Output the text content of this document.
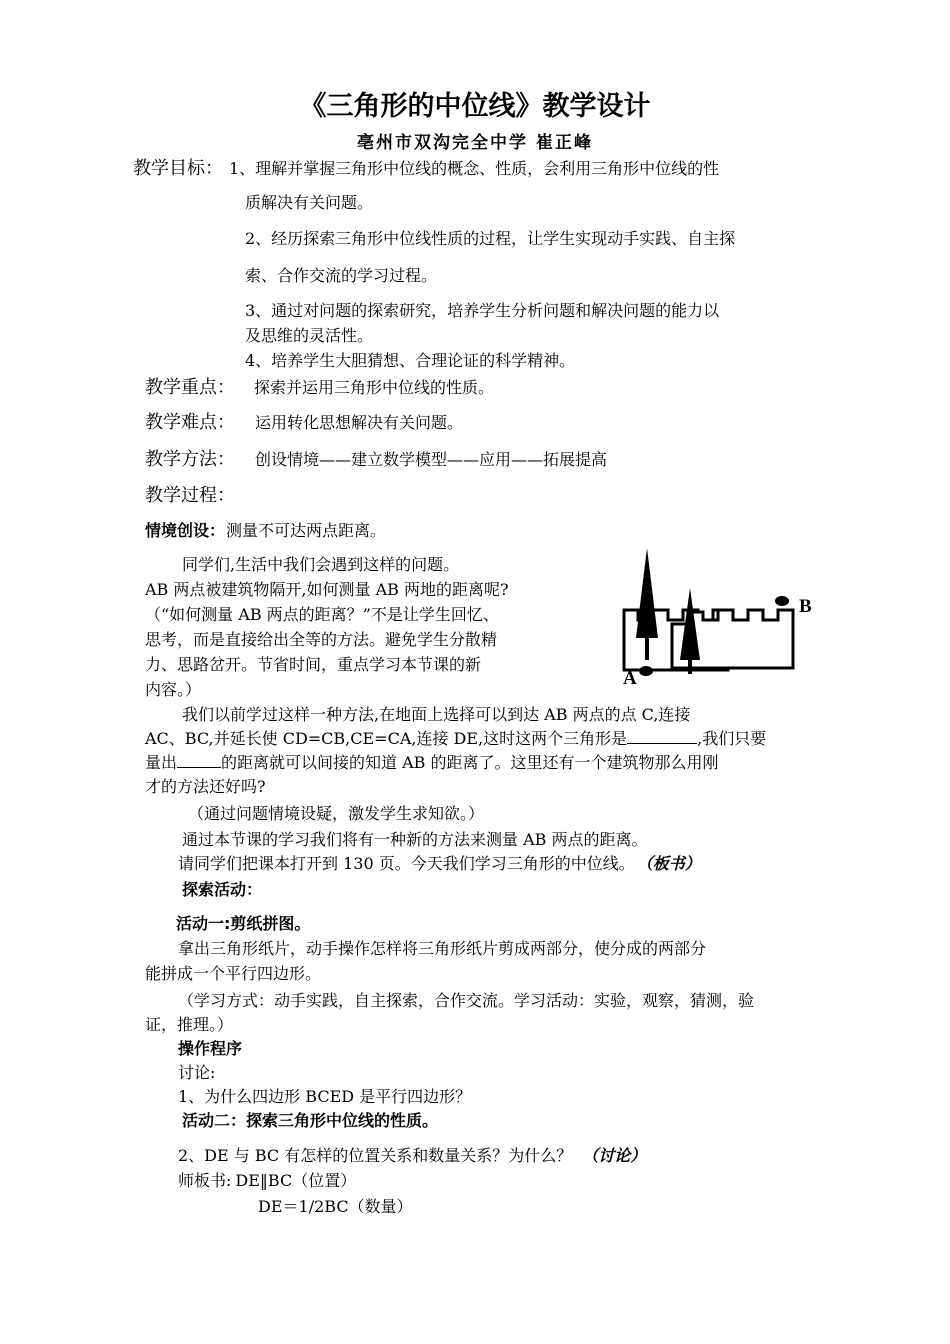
《三角形的中位线》教学设计
亳州市双沟完全中学 崔正峰
教学目标： 1、理解并掌握三角形中位线的概念、性质，会利用三角形中位线的性
质解决有关问题。
2、经历探索三角形中位线性质的过程，让学生实现动手实践、自主探
索、合作交流的学习过程。
3、通过对问题的探索研究，培养学生分析问题和解决问题的能力以
及思维的灵活性。
4、培养学生大胆猜想、合理论证的科学精神。
教学重点： 探索并运用三角形中位线的性质。
教学难点： 运用转化思想解决有关问题。
教学方法： 创设情境——建立数学模型——应用——拓展提高
教学过程：
情境创设： 测量不可达两点距离。
同学们,生活中我们会遇到这样的问题。
AB 两点被建筑物隔开,如何测量 AB 两地的距离呢?
（“如何测量 AB 两点的距离？”不是让学生回忆、
思考，而是直接给出全等的方法。避免学生分散精
力、思路岔开。节省时间，重点学习本节课的新
内容。）
B
A
我们以前学过这样一种方法,在地面上选择可以到达 AB 两点的点 C,连接
AC、BC,并延长使 CD=CB,CE=CA,连接 DE,这时这两个三角形是	,我们只要
量出	的距离就可以间接的知道 AB 的距离了。这里还有一个建筑物那么用刚
才的方法还好吗?
（通过问题情境设疑，激发学生求知欲。）
通过本节课的学习我们将有一种新的方法来测量 AB 两点的距离。
请同学们把课本打开到 130 页。今天我们学习三角形的中位线。 （板书）
探索活动：
活动一:剪纸拼图。
拿出三角形纸片，动手操作怎样将三角形纸片剪成两部分，使分成的两部分
能拼成一个平行四边形。
（学习方式：动手实践，自主探索，合作交流。学习活动：实验，观察，猜测，验
证，推理。）
操作程序
讨论:
1、为什么四边形 BCED 是平行四边形？
活动二：探索三角形中位线的性质。
2、DE 与 BC 有怎样的位置关系和数量关系？为什么？ （讨论）
师板书: DE‖BC（位置）
DE＝1/2BC（数量）
